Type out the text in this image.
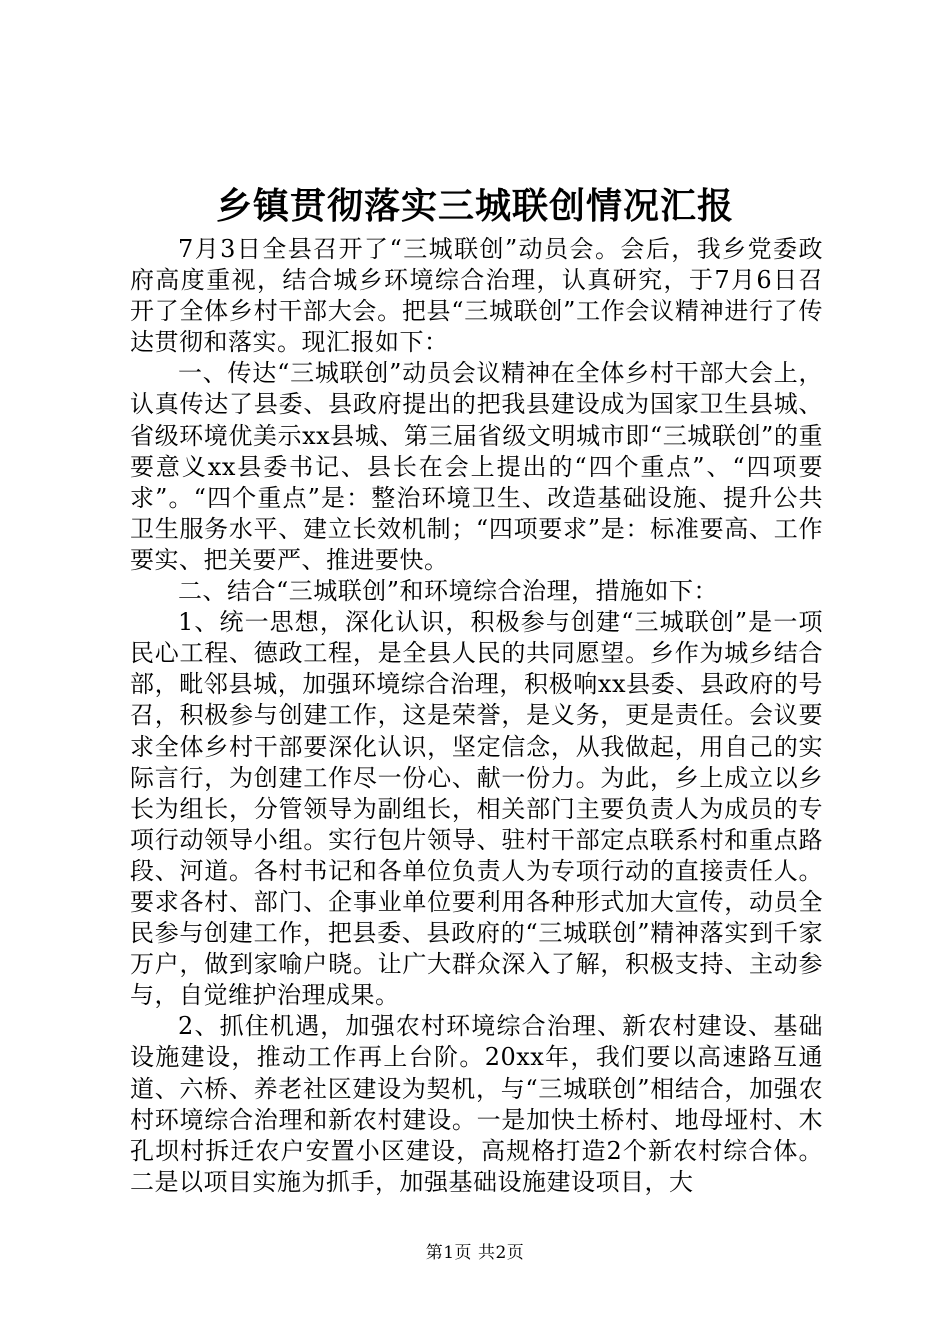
乡镇贯彻落实三城联创情况汇报

7月3日全县召开了“三城联创”动员会。会后，我乡党委政府高度重视，结合城乡环境综合治理，认真研究，于7月6日召开了全体乡村干部大会。把县“三城联创”工作会议精神进行了传达贯彻和落实。现汇报如下：

一、传达“三城联创”动员会议精神在全体乡村干部大会上，认真传达了县委、县政府提出的把我县建设成为国家卫生县城、省级环境优美示xx县城、第三届省级文明城市即“三城联创”的重要意义xx县委书记、县长在会上提出的“四个重点”、“四项要求”。“四个重点”是：整治环境卫生、改造基础设施、提升公共卫生服务水平、建立长效机制；“四项要求”是：标准要高、工作要实、把关要严、推进要快。

二、结合“三城联创”和环境综合治理，措施如下：

1、统一思想，深化认识，积极参与创建“三城联创”是一项民心工程、德政工程，是全县人民的共同愿望。乡作为城乡结合部，毗邻县城，加强环境综合治理，积极响xx县委、县政府的号召，积极参与创建工作，这是荣誉，是义务，更是责任。会议要求全体乡村干部要深化认识，坚定信念，从我做起，用自己的实际言行，为创建工作尽一份心、献一份力。为此，乡上成立以乡长为组长，分管领导为副组长，相关部门主要负责人为成员的专项行动领导小组。实行包片领导、驻村干部定点联系村和重点路段、河道。各村书记和各单位负责人为专项行动的直接责任人。要求各村、部门、企事业单位要利用各种形式加大宣传，动员全民参与创建工作，把县委、县政府的“三城联创”精神落实到千家万户，做到家喻户晓。让广大群众深入了解，积极支持、主动参与，自觉维护治理成果。

2、抓住机遇，加强农村环境综合治理、新农村建设、基础设施建设，推动工作再上台阶。20xx年，我们要以高速路互通道、六桥、养老社区建设为契机，与“三城联创”相结合，加强农村环境综合治理和新农村建设。一是加快土桥村、地母垭村、木孔坝村拆迁农户安置小区建设，高规格打造2个新农村综合体。二是以项目实施为抓手，加强基础设施建设项目，大

第1页 共2页
